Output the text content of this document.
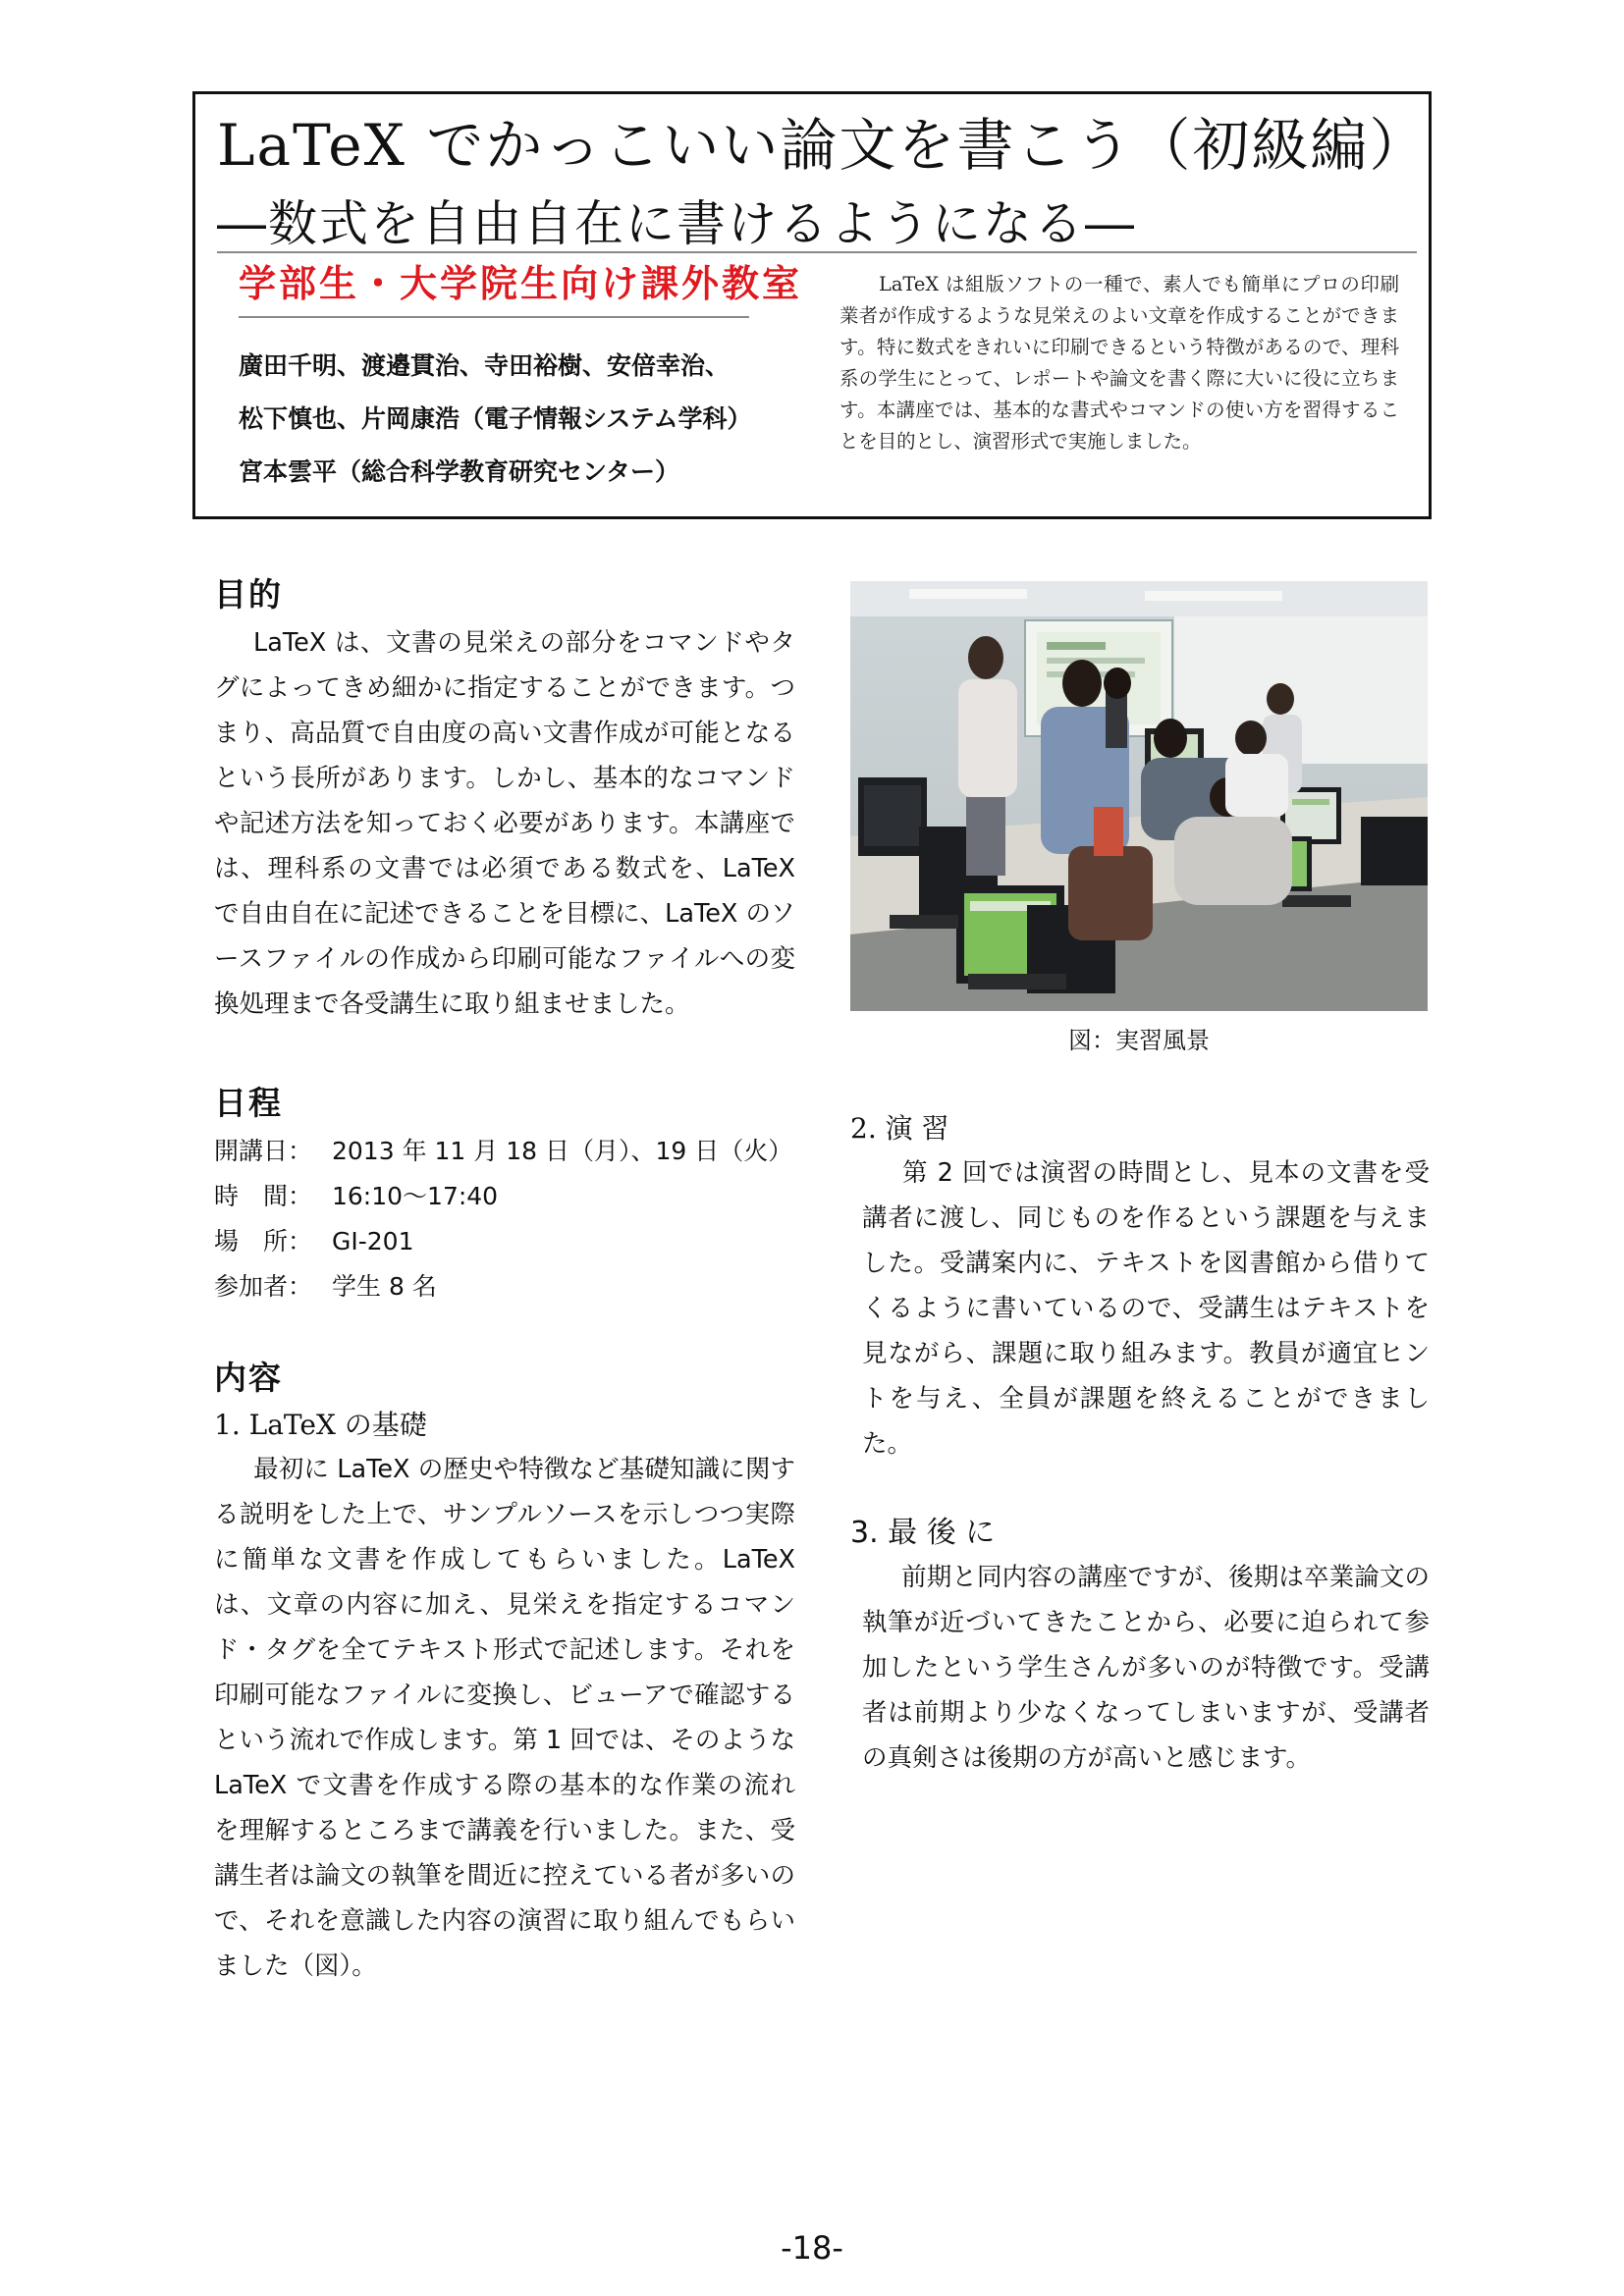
LaTeX でかっこいい論文を書こう（初級編）
―数式を自由自在に書けるようになる―
学部生・大学院生向け課外教室
廣田千明、渡邉貫治、寺田裕樹、安倍幸治、
松下慎也、片岡康浩（電子情報システム学科）
宮本雲平（総合科学教育研究センター）
LaTeX は組版ソフトの一種で、素人でも簡単にプロの印刷業者が作成するような見栄えのよい文章を作成することができます。特に数式をきれいに印刷できるという特徴があるので、理科系の学生にとって、レポートや論文を書く際に大いに役に立ちます。本講座では、基本的な書式やコマンドの使い方を習得することを目的とし、演習形式で実施しました。
目的
LaTeX は、文書の見栄えの部分をコマンドやタグによってきめ細かに指定することができます。つまり、高品質で自由度の高い文書作成が可能となるという長所があります。しかし、基本的なコマンドや記述方法を知っておく必要があります。本講座では、理科系の文書では必須である数式を、LaTeX で自由自在に記述できることを目標に、LaTeX のソースファイルの作成から印刷可能なファイルへの変換処理まで各受講生に取り組ませました。
日程
開講日： 2013 年 11 月 18 日（月）、19 日（火）
時　間： 16:10～17:40
場　所： GI-201
参加者： 学生 8 名
内容
1. LaTeX の基礎
最初に LaTeX の歴史や特徴など基礎知識に関する説明をした上で、サンプルソースを示しつつ実際に簡単な文書を作成してもらいました。LaTeX は、文章の内容に加え、見栄えを指定するコマンド・タグを全てテキスト形式で記述します。それを印刷可能なファイルに変換し、ビューアで確認するという流れで作成します。第 1 回では、そのような LaTeX で文書を作成する際の基本的な作業の流れを理解するところまで講義を行いました。また、受講生者は論文の執筆を間近に控えている者が多いので、それを意識した内容の演習に取り組んでもらいました（図）。
図：実習風景
2. 演 習
第 2 回では演習の時間とし、見本の文書を受講者に渡し、同じものを作るという課題を与えました。受講案内に、テキストを図書館から借りてくるように書いているので、受講生はテキストを見ながら、課題に取り組みます。教員が適宜ヒントを与え、全員が課題を終えることができました。
3. 最 後 に
前期と同内容の講座ですが、後期は卒業論文の執筆が近づいてきたことから、必要に迫られて参加したという学生さんが多いのが特徴です。受講者は前期より少なくなってしまいますが、受講者の真剣さは後期の方が高いと感じます。
-18-
